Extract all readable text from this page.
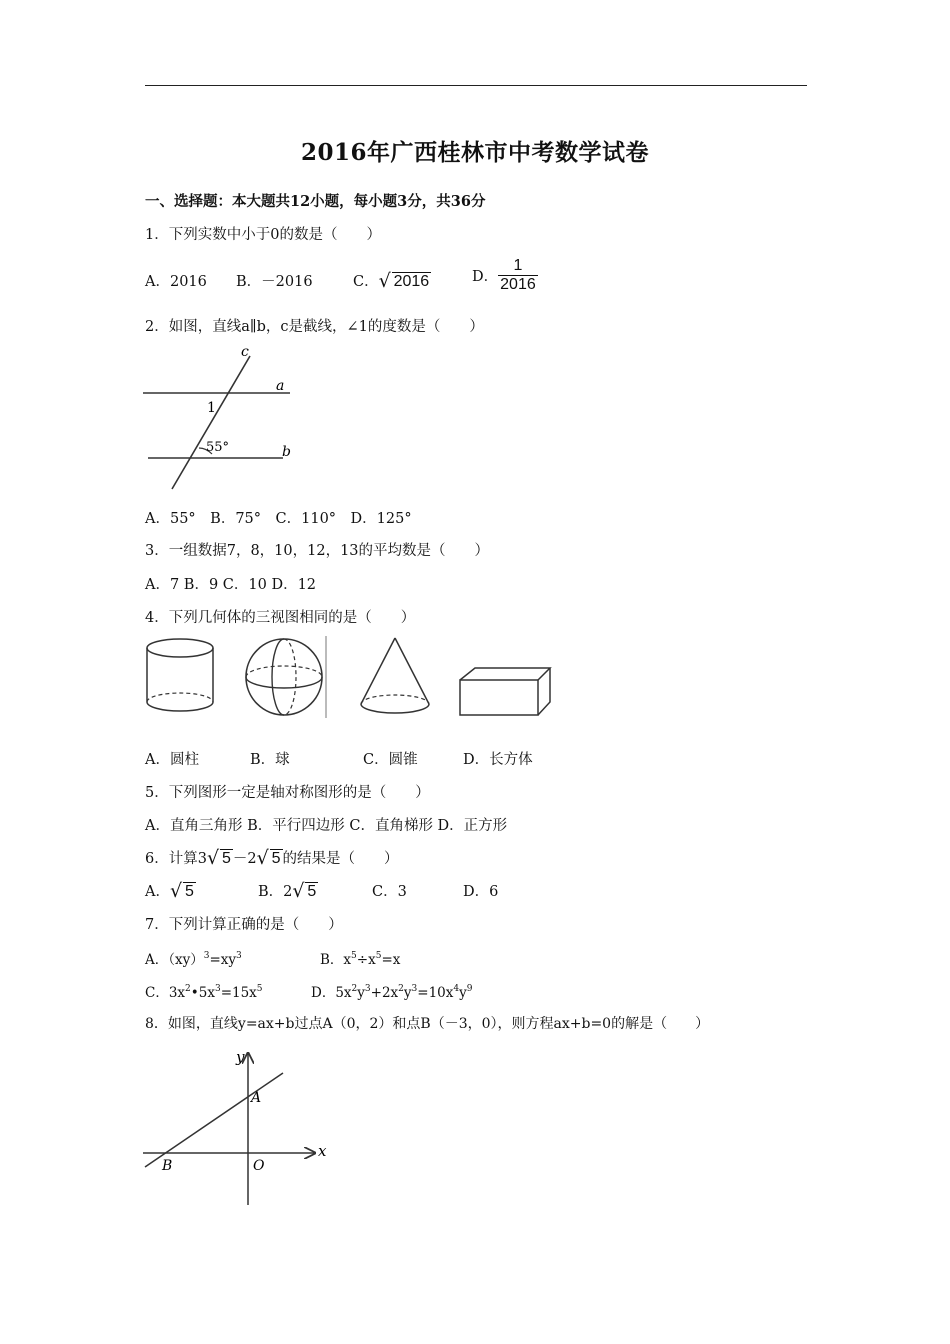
2016年广西桂林市中考数学试卷
一、选择题：本大题共12小题，每小题3分，共36分
1．下列实数中小于0的数是（　　）
A．2016 B．－2016	C． √ 2016	D． $\frac{1}{2016}$
2．如图，直线a∥b，c是截线，∠1的度数是（　　）
c
a
b
1
55°
A．55°　B．75°　C．110°　D．125°
3．一组数据7，8，10，12，13的平均数是（　　）
A．7 B．9 C．10 D．12
4．下列几何体的三视图相同的是（　　）
A．圆柱	B．球	C．圆锥	D．长方体
5．下列图形一定是轴对称图形的是（　　）
A．直角三角形 B．平行四边形 C．直角梯形 D．正方形
6．计算3 √ 5 －2 √ 5 的结果是（　　）
A． √ 5	B．2 √ 5	C．3	D．6
7．下列计算正确的是（　　）
A．$(xy)^3=xy^3$	B．$x^5\div x^5=x$
C．$3x^2•5x^3=15x^5$	D．$5x^2y^3+2x^2y^3=10x^4y^9$
8．如图，直线y=ax+b过点A（0，2）和点B（－3，0），则方程ax+b=0的解是（　　）
y
x
A
B	O
